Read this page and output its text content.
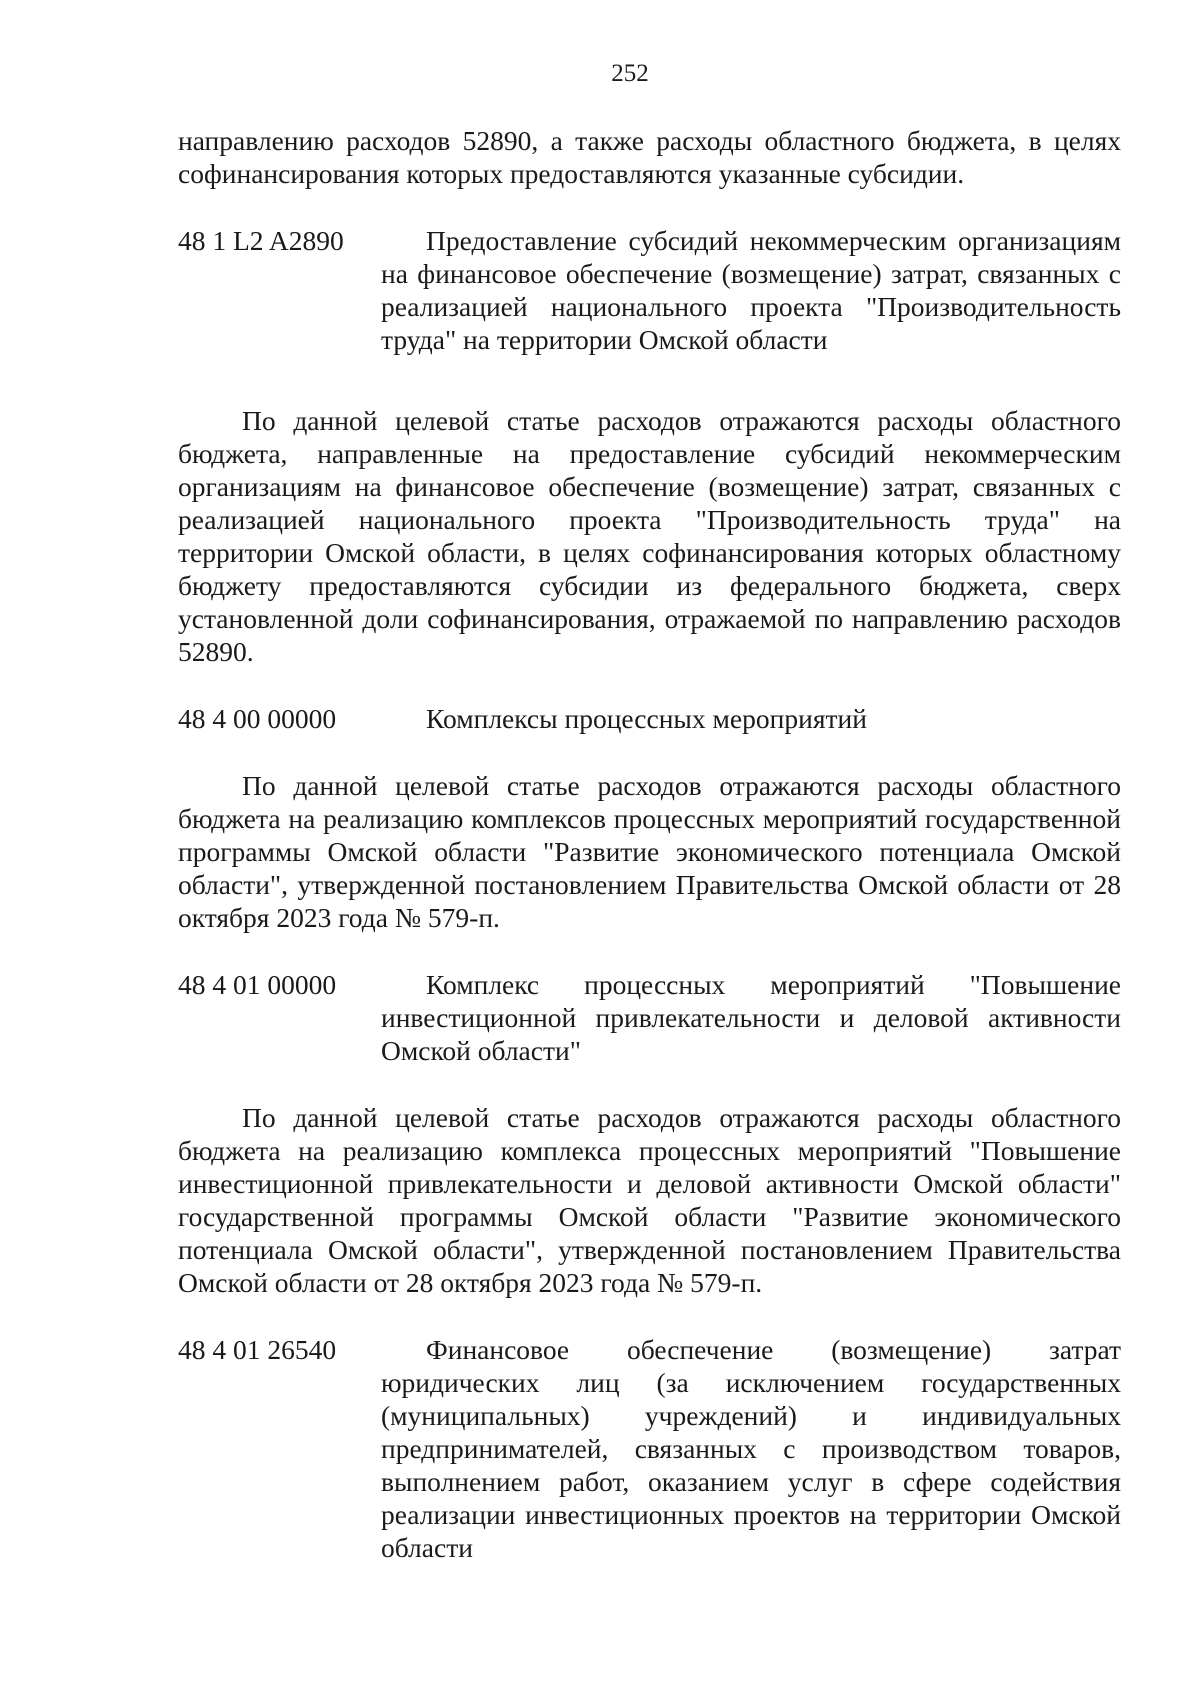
252

направлению расходов 52890, а также расходы областного бюджета, в целях софинансирования которых предоставляются указанные субсидии.

48 1 L2 A2890	Предоставление субсидий некоммерческим организациям на финансовое обеспечение (возмещение) затрат, связанных с реализацией национального проекта "Производительность труда" на территории Омской области

По данной целевой статье расходов отражаются расходы областного бюджета, направленные на предоставление субсидий некоммерческим организациям на финансовое обеспечение (возмещение) затрат, связанных с реализацией национального проекта "Производительность труда" на территории Омской области, в целях софинансирования которых областному бюджету предоставляются субсидии из федерального бюджета, сверх установленной доли софинансирования, отражаемой по направлению расходов 52890.

48 4 00 00000	Комплексы процессных мероприятий

По данной целевой статье расходов отражаются расходы областного бюджета на реализацию комплексов процессных мероприятий государственной программы Омской области "Развитие экономического потенциала Омской области", утвержденной постановлением Правительства Омской области от 28 октября 2023 года № 579-п.

48 4 01 00000	Комплекс процессных мероприятий "Повышение инвестиционной привлекательности и деловой активности Омской области"

По данной целевой статье расходов отражаются расходы областного бюджета на реализацию комплекса процессных мероприятий "Повышение инвестиционной привлекательности и деловой активности Омской области" государственной программы Омской области "Развитие экономического потенциала Омской области", утвержденной постановлением Правительства Омской области от 28 октября 2023 года № 579-п.

48 4 01 26540	Финансовое обеспечение (возмещение) затрат юридических лиц (за исключением государственных (муниципальных) учреждений) и индивидуальных предпринимателей, связанных с производством товаров, выполнением работ, оказанием услуг в сфере содействия реализации инвестиционных проектов на территории Омской области
